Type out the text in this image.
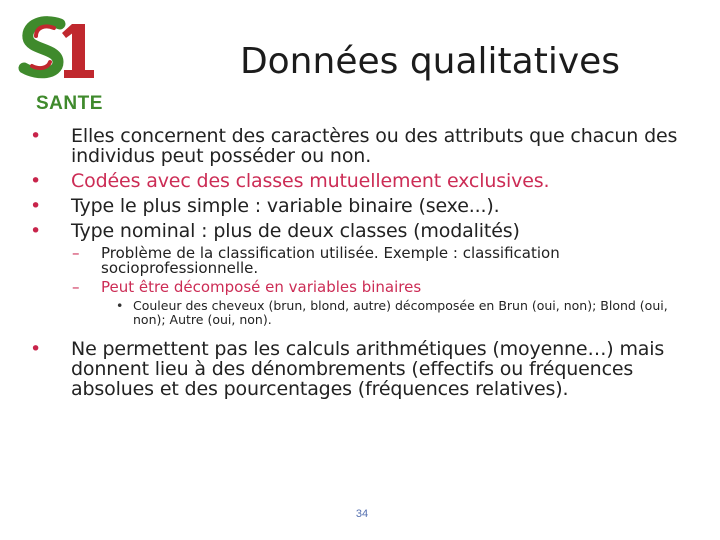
SANTE
Données qualitatives
• Elles concernent des caractères ou des attributs que chacun des individus peut posséder ou non.
• Codées avec des classes mutuellement exclusives.
• Type le plus simple : variable binaire (sexe...).
• Type nominal : plus de deux classes (modalités)
– Problème de la classification utilisée. Exemple : classification socioprofessionnelle.
– Peut être décomposé en variables binaires
• Couleur des cheveux (brun, blond, autre) décomposée en Brun (oui, non); Blond (oui, non); Autre (oui, non).
• Ne permettent pas les calculs arithmétiques (moyenne…) mais donnent lieu à des dénombrements (effectifs ou fréquences absolues et des pourcentages (fréquences relatives).
34
